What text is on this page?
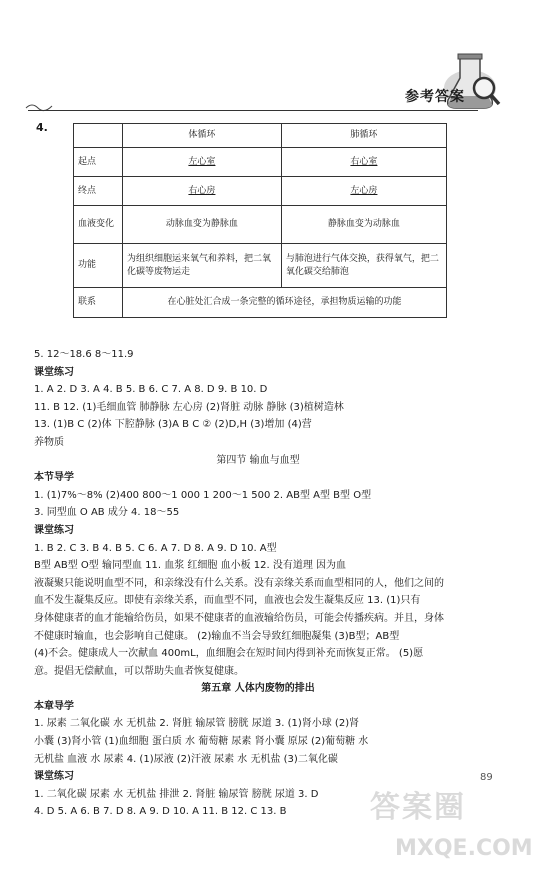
参考答案
4.
	体循环	肺循环
起点	左心室	右心室
终点	右心房	左心房
血液变化	动脉血变为静脉血	静脉血变为动脉血
功能	为组织细胞运来氧气和养料，把二氧化碳等废物运走	与肺泡进行气体交换，获得氧气，把二氧化碳交给肺泡
联系	在心脏处汇合成一条完整的循环途径，承担物质运输的功能	
5. 12～18.6 8～11.9
课堂练习
1. A 2. D 3. A 4. B 5. B 6. C 7. A 8. D 9. B 10. D
11. B 12. (1)毛细血管 肺静脉 左心房 (2)肾脏 动脉 静脉 (3)植树造林
13. (1)B C (2)体 下腔静脉 (3)A B C ② (2)D,H (3)增加 (4)营
养物质
第四节 输血与血型
本节导学
1. (1)7%～8% (2)400 800～1 000 1 200～1 500 2. AB型 A型 B型 O型
3. 同型血 O AB 成分 4. 18～55
课堂练习
1. B 2. C 3. B 4. B 5. C 6. A 7. D 8. A 9. D 10. A型
B型 AB型 O型 输同型血 11. 血浆 红细胞 血小板 12. 没有道理 因为血
液凝聚只能说明血型不同，和亲缘没有什么关系。没有亲缘关系而血型相同的人，他们之间的
血不发生凝集反应。即使有亲缘关系，而血型不同，血液也会发生凝集反应 13. (1)只有
身体健康者的血才能输给伤员，如果不健康者的血液输给伤员，可能会传播疾病。并且，身体
不健康时输血，也会影响自己健康。 (2)输血不当会导致红细胞凝集 (3)B型；AB型
(4)不会。健康成人一次献血 400mL，血细胞会在短时间内得到补充而恢复正常。 (5)愿
意。提倡无偿献血，可以帮助失血者恢复健康。
第五章 人体内废物的排出
本章导学
1. 尿素 二氧化碳 水 无机盐 2. 肾脏 输尿管 膀胱 尿道 3. (1)肾小球 (2)肾
小囊 (3)肾小管 (1)血细胞 蛋白质 水 葡萄糖 尿素 肾小囊 原尿 (2)葡萄糖 水
无机盐 血液 水 尿素 4. (1)尿液 (2)汗液 尿素 水 无机盐 (3)二氧化碳
课堂练习
1. 二氧化碳 尿素 水 无机盐 排泄 2. 肾脏 输尿管 膀胱 尿道 3. D
4. D 5. A 6. B 7. D 8. A 9. D 10. A 11. B 12. C 13. B
89
答案圈
MXQE.COM
